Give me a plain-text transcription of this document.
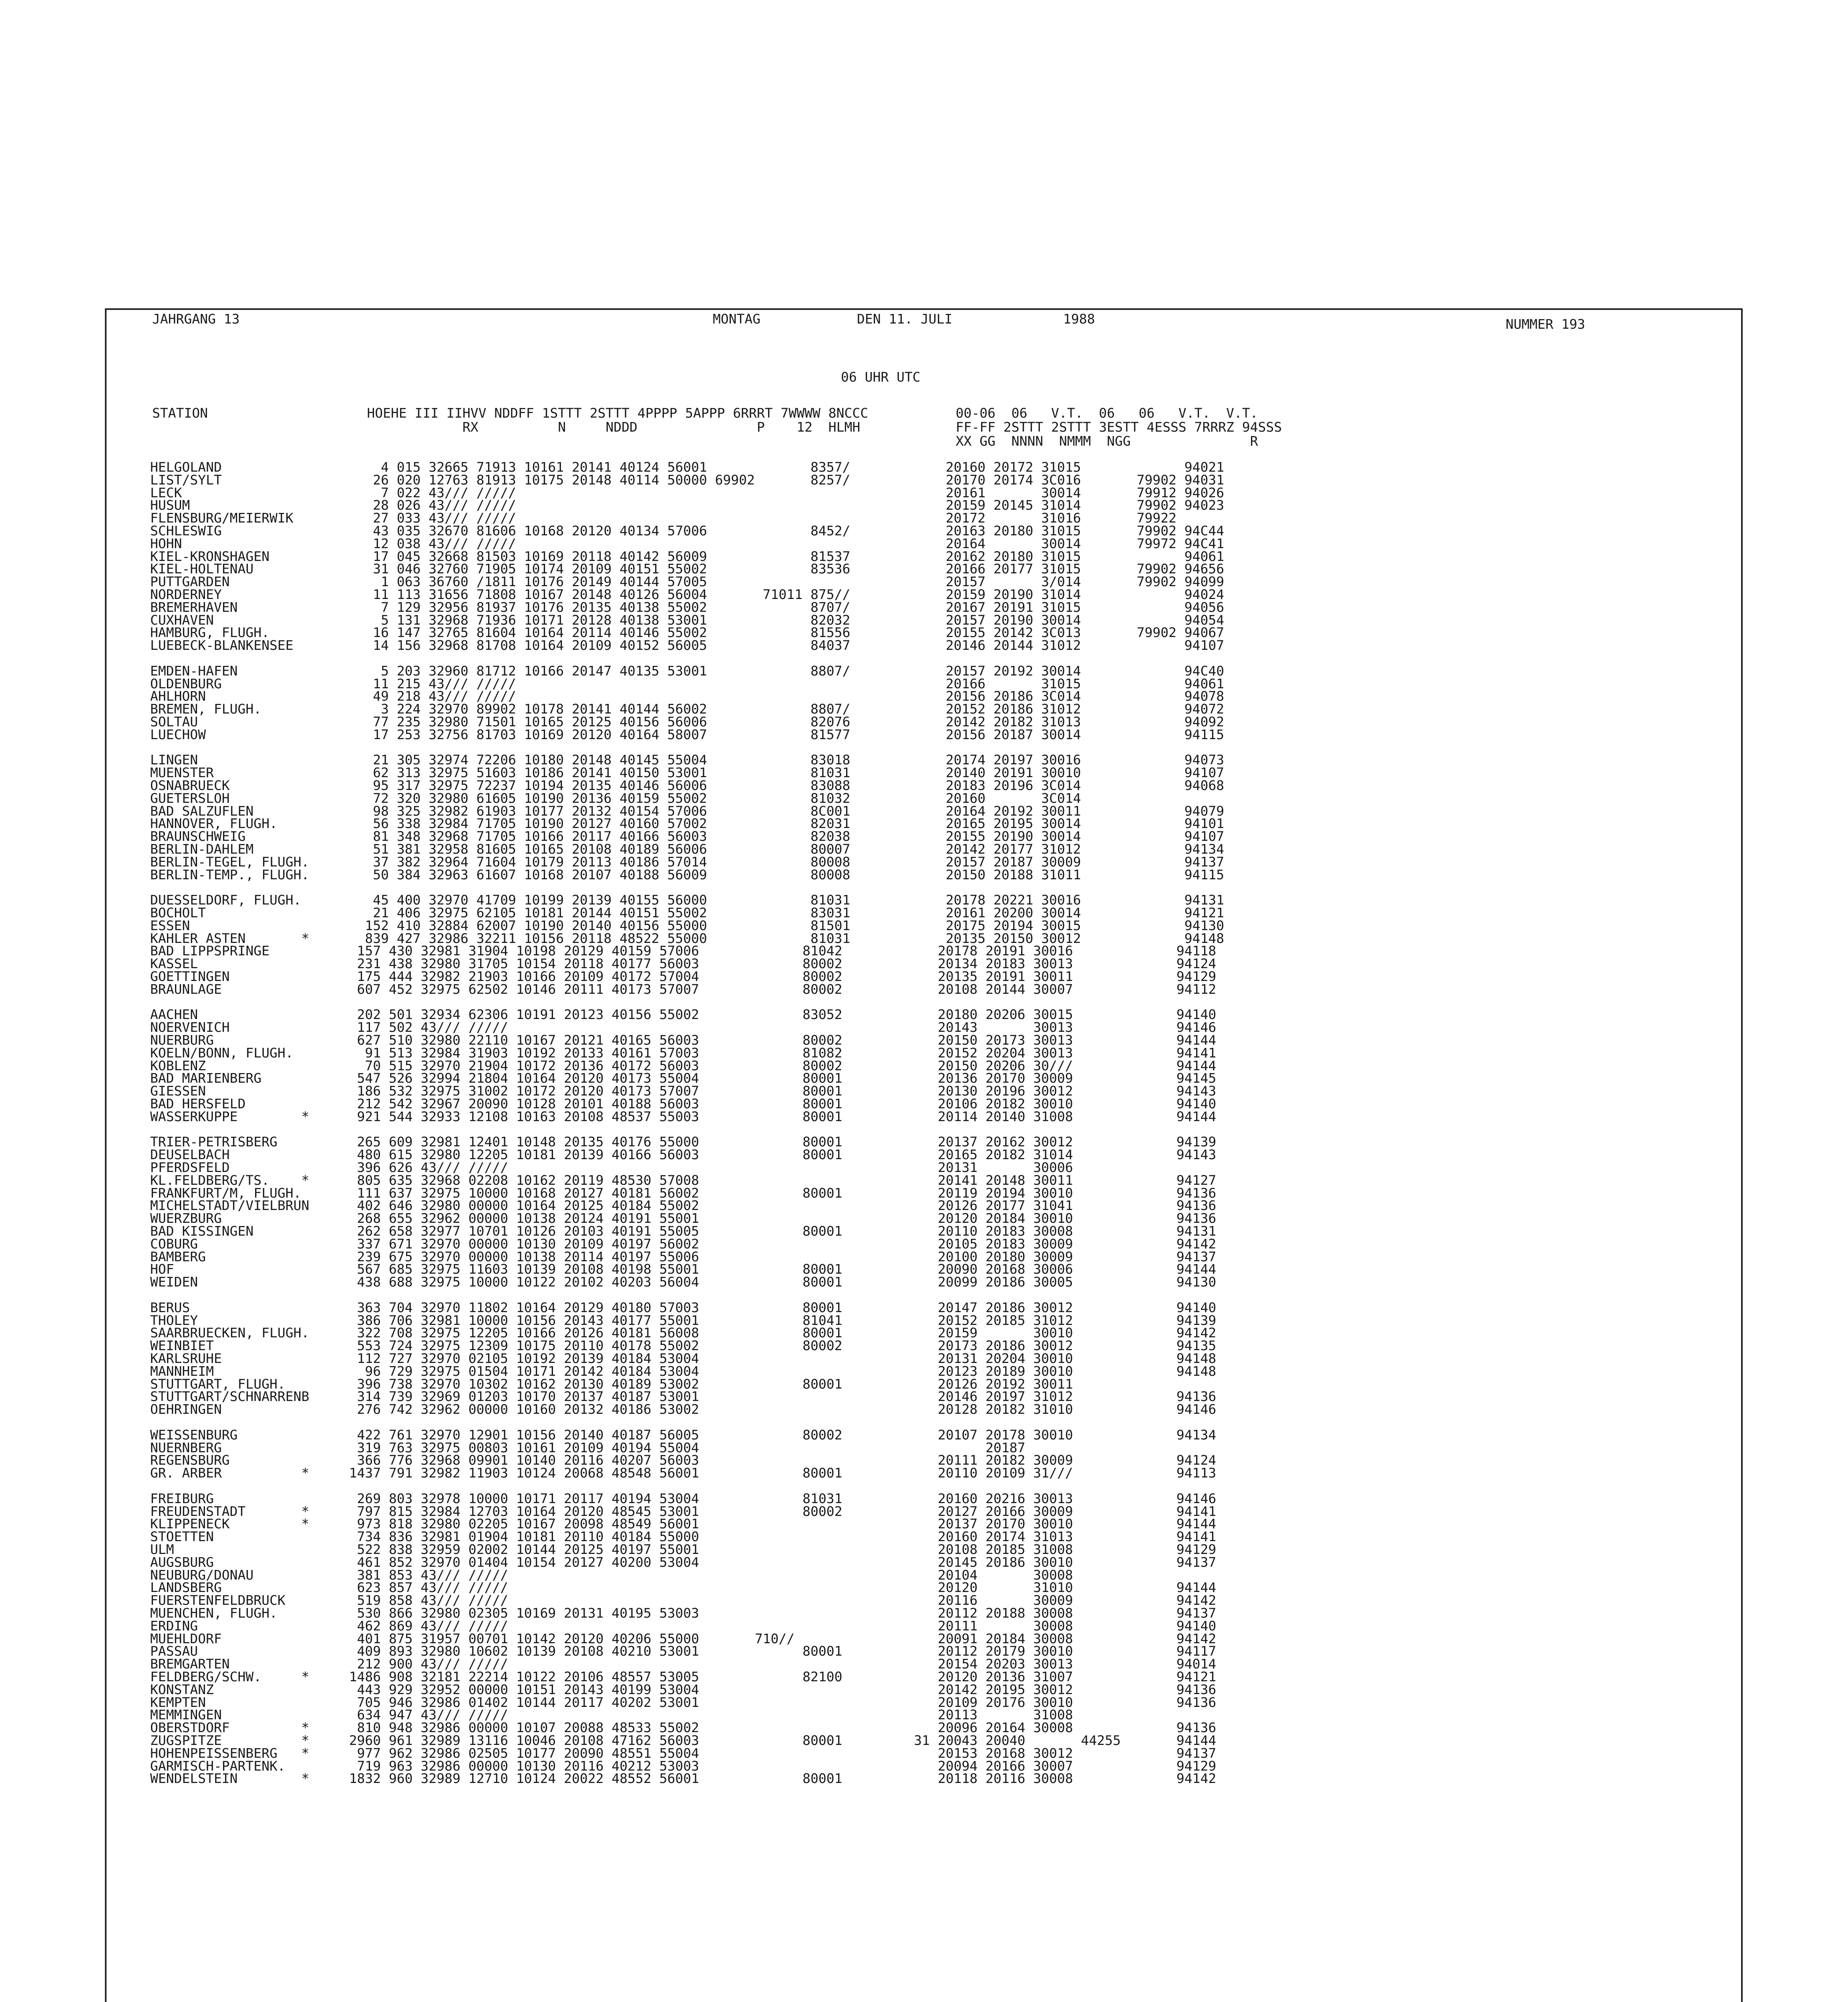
JAHRGANG 13	MONTAG	DEN 11. JULI	1988	NUMMER 193
06 UHR UTC
STATION                    HOEHE III IIHVV NDDFF 1STTT 2STTT 4PPPP 5APPP 6RRRT 7WWWW 8NCCC           00-06  06   V.T.  06   06   V.T.  V.T.
RX          N     NDDD               P    12  HLMH            FF-FF 2STTT 2STTT 3ESTT 4ESSS 7RRRZ 94SSS
XX GG  NNNN  NMMM  NGG               R
HELGOLAND                    4 015 32665 71913 10161 20141 40124 56001             8357/            20160 20172 31015             94021
LIST/SYLT                   26 020 12763 81913 10175 20148 40114 50000 69902       8257/            20170 20174 3C016       79902 94031
LECK                         7 022 43/// /////                                                      20161       30014       79912 94026
HUSUM                       28 026 43/// /////                                                      20159 20145 31014       79902 94023
FLENSBURG/MEIERWIK          27 033 43/// /////                                                      20172       31016       79922
SCHLESWIG                   43 035 32670 81606 10168 20120 40134 57006             8452/            20163 20180 31015       79902 94C44
HOHN                        12 038 43/// /////                                                      20164       30014       79972 94C41
KIEL-KRONSHAGEN             17 045 32668 81503 10169 20118 40142 56009             81537            20162 20180 31015             94061
KIEL-HOLTENAU               31 046 32760 71905 10174 20109 40151 55002             83536            20166 20177 31015       79902 94656
PUTTGARDEN                   1 063 36760 /1811 10176 20149 40144 57005                              20157       3/014       79902 94099
NORDERNEY                   11 113 31656 71808 10167 20148 40126 56004       71011 875//            20159 20190 31014             94024
BREMERHAVEN                  7 129 32956 81937 10176 20135 40138 55002             8707/            20167 20191 31015             94056
CUXHAVEN                     5 131 32968 71936 10171 20128 40138 53001             82032            20157 20190 30014             94054
HAMBURG, FLUGH.             16 147 32765 81604 10164 20114 40146 55002             81556            20155 20142 3C013       79902 94067
LUEBECK-BLANKENSEE          14 156 32968 81708 10164 20109 40152 56005             84037            20146 20144 31012             94107
EMDEN-HAFEN                  5 203 32960 81712 10166 20147 40135 53001             8807/            20157 20192 30014             94C40
OLDENBURG                   11 215 43/// /////                                                      20166       31015             94061
AHLHORN                     49 218 43/// /////                                                      20156 20186 3C014             94078
BREMEN, FLUGH.               3 224 32970 89902 10178 20141 40144 56002             8807/            20152 20186 31012             94072
SOLTAU                      77 235 32980 71501 10165 20125 40156 56006             82076            20142 20182 31013             94092
LUECHOW                     17 253 32756 81703 10169 20120 40164 58007             81577            20156 20187 30014             94115
LINGEN                      21 305 32974 72206 10180 20148 40145 55004             83018            20174 20197 30016             94073
MUENSTER                    62 313 32975 51603 10186 20141 40150 53001             81031            20140 20191 30010             94107
OSNABRUECK                  95 317 32975 72237 10194 20135 40146 56006             83088            20183 20196 3C014             94068
GUETERSLOH                  72 320 32980 61605 10190 20136 40159 55002             81032            20160       3C014
BAD SALZUFLEN               98 325 32982 61903 10177 20132 40154 57006             8C001            20164 20192 30011             94079
HANNOVER, FLUGH.            56 338 32984 71705 10190 20127 40160 57002             82031            20165 20195 30014             94101
BRAUNSCHWEIG                81 348 32968 71705 10166 20117 40166 56003             82038            20155 20190 30014             94107
BERLIN-DAHLEM               51 381 32958 81605 10165 20108 40189 56006             80007            20142 20177 31012             94134
BERLIN-TEGEL, FLUGH.        37 382 32964 71604 10179 20113 40186 57014             80008            20157 20187 30009             94137
BERLIN-TEMP., FLUGH.        50 384 32963 61607 10168 20107 40188 56009             80008            20150 20188 31011             94115
DUESSELDORF, FLUGH.         45 400 32970 41709 10199 20139 40155 56000             81031            20178 20221 30016             94131
BOCHOLT                     21 406 32975 62105 10181 20144 40151 55002             83031            20161 20200 30014             94121
ESSEN                      152 410 32884 62007 10190 20140 40156 55000             81501            20175 20194 30015             94130
KAHLER ASTEN       *       839 427 32986 32211 10156 20118 48522 55000             81031            20135 20150 30012             94148
BAD LIPPSPRINGE           157 430 32981 31904 10198 20129 40159 57006             81042            20178 20191 30016             94118
KASSEL                    231 438 32980 31705 10154 20118 40177 56003             80002            20134 20183 30013             94124
GOETTINGEN                175 444 32982 21903 10166 20109 40172 57004             80002            20135 20191 30011             94129
BRAUNLAGE                 607 452 32975 62502 10146 20111 40173 57007             80002            20108 20144 30007             94112
AACHEN                    202 501 32934 62306 10191 20123 40156 55002             83052            20180 20206 30015             94140
NOERVENICH                117 502 43/// /////                                                      20143       30013             94146
NUERBURG                  627 510 32980 22110 10167 20121 40165 56003             80002            20150 20173 30013             94144
KOELN/BONN, FLUGH.         91 513 32984 31903 10192 20133 40161 57003             81082            20152 20204 30013             94141
KOBLENZ                    70 515 32970 21904 10172 20136 40172 56003             80002            20150 20206 30///             94144
BAD MARIENBERG            547 526 32994 21804 10164 20120 40173 55004             80001            20136 20170 30009             94145
GIESSEN                   186 532 32975 31002 10172 20120 40173 57007             80001            20130 20196 30012             94143
BAD HERSFELD              212 542 32967 20090 10128 20101 40188 56003             80001            20106 20182 30010             94140
WASSERKUPPE        *      921 544 32933 12108 10163 20108 48537 55003             80001            20114 20140 31008             94144
TRIER-PETRISBERG          265 609 32981 12401 10148 20135 40176 55000             80001            20137 20162 30012             94139
DEUSELBACH                480 615 32980 12205 10181 20139 40166 56003             80001            20165 20182 31014             94143
PFERDSFELD                396 626 43/// /////                                                      20131       30006
KL.FELDBERG/TS.    *      805 635 32968 02208 10162 20119 48530 57008                              20141 20148 30011             94127
FRANKFURT/M, FLUGH.       111 637 32975 10000 10168 20127 40181 56002             80001            20119 20194 30010             94136
MICHELSTADT/VIELBRUN      402 646 32980 00000 10164 20125 40184 55002                              20126 20177 31041             94136
WUERZBURG                 268 655 32962 00000 10138 20124 40191 55001                              20120 20184 30010             94136
BAD KISSINGEN             262 658 32977 10701 10126 20103 40191 55005             80001            20110 20183 30008             94131
COBURG                    337 671 32970 00000 10130 20109 40197 56002                              20105 20183 30009             94142
BAMBERG                   239 675 32970 00000 10138 20114 40197 55006                              20100 20180 30009             94137
HOF                       567 685 32975 11603 10139 20108 40198 55001             80001            20090 20168 30006             94144
WEIDEN                    438 688 32975 10000 10122 20102 40203 56004             80001            20099 20186 30005             94130
BERUS                     363 704 32970 11802 10164 20129 40180 57003             80001            20147 20186 30012             94140
THOLEY                    386 706 32981 10000 10156 20143 40177 55001             81041            20152 20185 31012             94139
SAARBRUECKEN, FLUGH.      322 708 32975 12205 10166 20126 40181 56008             80001            20159       30010             94142
WEINBIET                  553 724 32975 12309 10175 20110 40178 55002             80002            20173 20186 30012             94135
KARLSRUHE                 112 727 32970 02105 10192 20139 40184 53004                              20131 20204 30010             94148
MANNHEIM                   96 729 32975 01504 10171 20142 40184 53004                              20123 20189 30010             94148
STUTTGART, FLUGH.         396 738 32970 10302 10162 20130 40189 53002             80001            20126 20192 30011
STUTTGART/SCHNARRENB      314 739 32969 01203 10170 20137 40187 53001                              20146 20197 31012             94136
OEHRINGEN                 276 742 32962 00000 10160 20132 40186 53002                              20128 20182 31010             94146
WEISSENBURG               422 761 32970 12901 10156 20140 40187 56005             80002            20107 20178 30010             94134
NUERNBERG                 319 763 32975 00803 10161 20109 40194 55004                                    20187
REGENSBURG                366 776 32968 09901 10140 20116 40207 56003                              20111 20182 30009             94124
GR. ARBER          *     1437 791 32982 11903 10124 20068 48548 56001             80001            20110 20109 31///             94113
FREIBURG                  269 803 32978 10000 10171 20117 40194 53004             81031            20160 20216 30013             94146
FREUDENSTADT       *      797 815 32984 12703 10164 20120 48545 53001             80002            20127 20166 30009             94141
KLIPPENECK         *      973 818 32980 02205 10167 20098 48549 56001                              20137 20170 30010             94144
STOETTEN                  734 836 32981 01904 10181 20110 40184 55000                              20160 20174 31013             94141
ULM                       522 838 32959 02002 10144 20125 40197 55001                              20108 20185 31008             94129
AUGSBURG                  461 852 32970 01404 10154 20127 40200 53004                              20145 20186 30010             94137
NEUBURG/DONAU             381 853 43/// /////                                                      20104       30008
LANDSBERG                 623 857 43/// /////                                                      20120       31010             94144
FUERSTENFELDBRUCK         519 858 43/// /////                                                      20116       30009             94142
MUENCHEN, FLUGH.          530 866 32980 02305 10169 20131 40195 53003                              20112 20188 30008             94137
ERDING                    462 869 43/// /////                                                      20111       30008             94140
MUEHLDORF                 401 875 31957 00701 10142 20120 40206 55000       710//                  20091 20184 30008             94142
PASSAU                    409 893 32980 10602 10139 20108 40210 53001             80001            20112 20179 30010             94117
BREMGARTEN                212 900 43/// /////                                                      20154 20203 30013             94014
FELDBERG/SCHW.     *     1486 908 32181 22214 10122 20106 48557 53005             82100            20120 20136 31007             94121
KONSTANZ                  443 929 32952 00000 10151 20143 40199 53004                              20142 20195 30012             94136
KEMPTEN                   705 946 32986 01402 10144 20117 40202 53001                              20109 20176 30010             94136
MEMMINGEN                 634 947 43/// /////                                                      20113       31008
OBERSTDORF         *      810 948 32986 00000 10107 20088 48533 55002                              20096 20164 30008             94136
ZUGSPITZE          *     2960 961 32989 13116 10046 20108 47162 56003             80001         31 20043 20040       44255       94144
HOHENPEISSENBERG   *      977 962 32986 02505 10177 20090 48551 55004                              20153 20168 30012             94137
GARMISCH-PARTENK.         719 963 32986 00000 10130 20116 40212 53003                              20094 20166 30007             94129
WENDELSTEIN        *     1832 960 32989 12710 10124 20022 48552 56001             80001            20118 20116 30008             94142
